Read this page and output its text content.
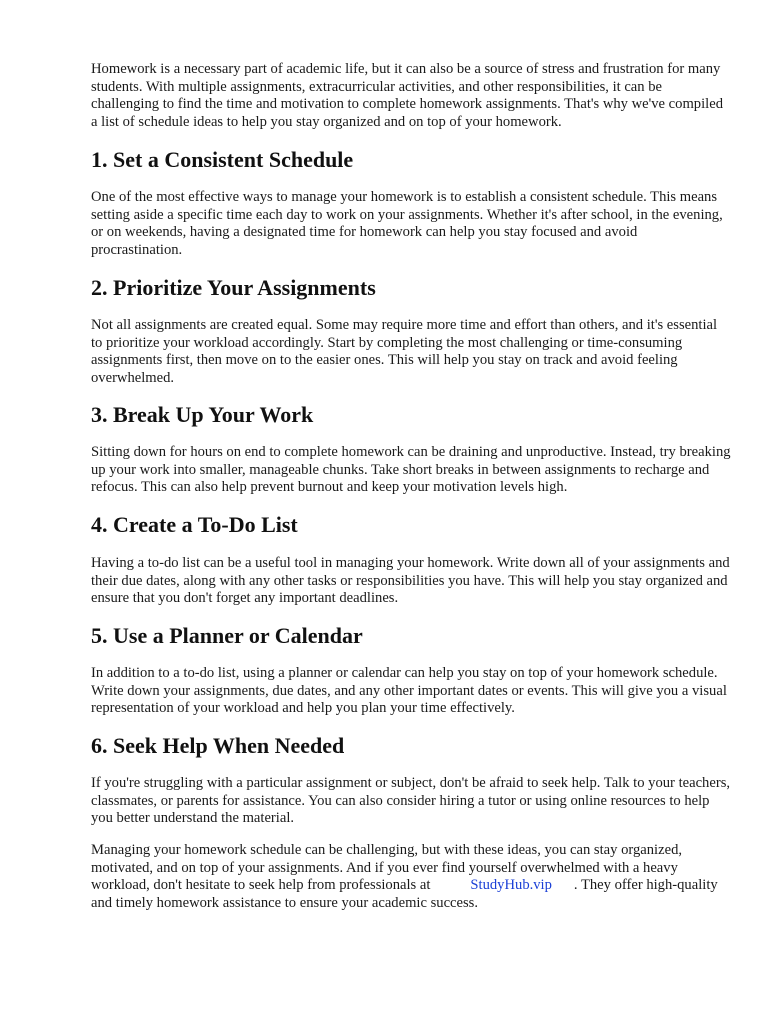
Homework is a necessary part of academic life, but it can also be a source of stress and frustration for many students. With multiple assignments, extracurricular activities, and other responsibilities, it can be challenging to find the time and motivation to complete homework assignments. That's why we've compiled a list of schedule ideas to help you stay organized and on top of your homework.

1. Set a Consistent Schedule

One of the most effective ways to manage your homework is to establish a consistent schedule. This means setting aside a specific time each day to work on your assignments. Whether it's after school, in the evening, or on weekends, having a designated time for homework can help you stay focused and avoid procrastination.

2. Prioritize Your Assignments

Not all assignments are created equal. Some may require more time and effort than others, and it's essential to prioritize your workload accordingly. Start by completing the most challenging or time-consuming assignments first, then move on to the easier ones. This will help you stay on track and avoid feeling overwhelmed.

3. Break Up Your Work

Sitting down for hours on end to complete homework can be draining and unproductive. Instead, try breaking up your work into smaller, manageable chunks. Take short breaks in between assignments to recharge and refocus. This can also help prevent burnout and keep your motivation levels high.

4. Create a To-Do List

Having a to-do list can be a useful tool in managing your homework. Write down all of your assignments and their due dates, along with any other tasks or responsibilities you have. This will help you stay organized and ensure that you don't forget any important deadlines.

5. Use a Planner or Calendar

In addition to a to-do list, using a planner or calendar can help you stay on top of your homework schedule. Write down your assignments, due dates, and any other important dates or events. This will give you a visual representation of your workload and help you plan your time effectively.

6. Seek Help When Needed

If you're struggling with a particular assignment or subject, don't be afraid to seek help. Talk to your teachers, classmates, or parents for assistance. You can also consider hiring a tutor or using online resources to help you better understand the material.

Managing your homework schedule can be challenging, but with these ideas, you can stay organized, motivated, and on top of your assignments. And if you ever find yourself overwhelmed with a heavy workload, don't hesitate to seek help from professionals at	StudyHub.vip . They offer high-quality and timely homework assistance to ensure your academic success.
